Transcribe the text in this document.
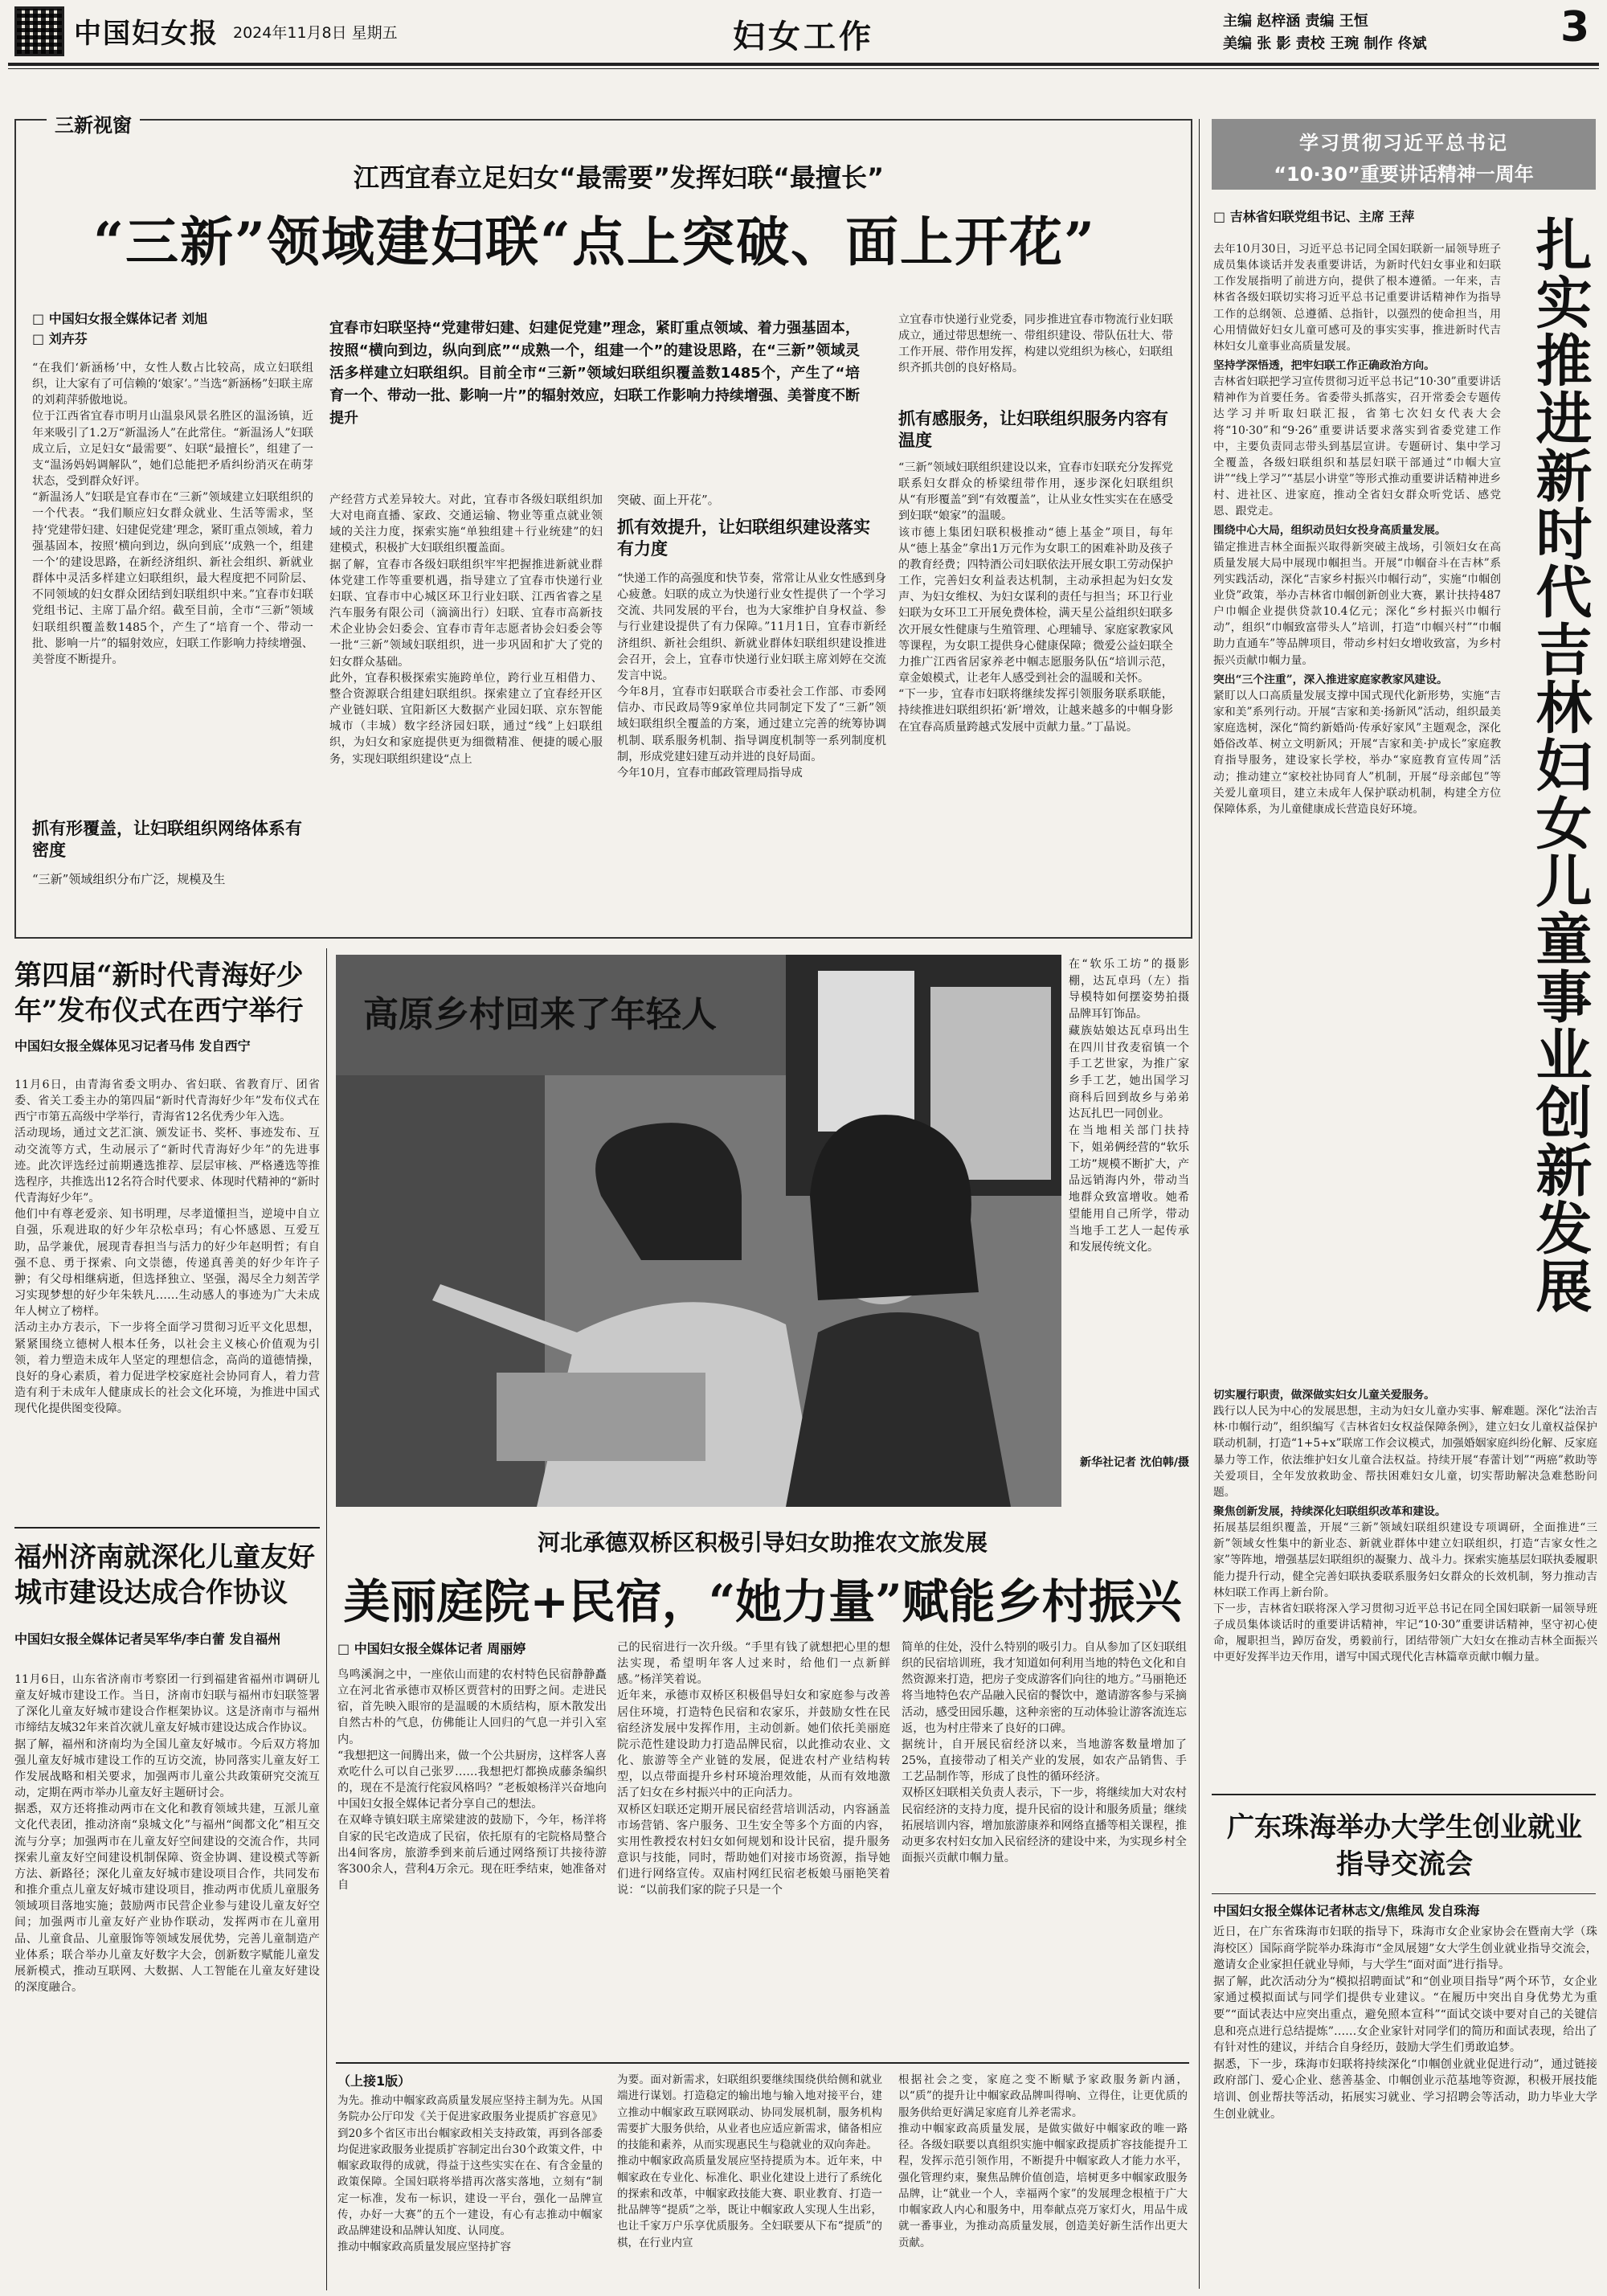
中国妇女报 2024年11月8日 星期五	妇女工作	主编 赵梓涵 责编 王恒
美编 张 影 责校 王琬 制作 佟斌	3
三新视窗
江西宜春立足妇女“最需要”发挥妇联“最擅长”
“三新”领域建妇联“点上突破、面上开花”
□ 中国妇女报全媒体记者 刘旭
□ 刘卉芬
宜春市妇联坚持“党建带妇建、妇建促党建”理念，紧盯重点领域、着力强基固本，按照“横向到边，纵向到底”“成熟一个，组建一个”的建设思路，在“三新”领域灵活多样建立妇联组织。目前全市“三新”领域妇联组织覆盖数1485个，产生了“培育一个、带动一批、影响一片”的辐射效应，妇联工作影响力持续增强、美誉度不断提升
“在我们‘新涵杨’中，女性人数占比较高，成立妇联组织，让大家有了可信赖的‘娘家’。”当选“新涵杨”妇联主席的刘莉萍骄傲地说。
位于江西省宜春市明月山温泉风景名胜区的温汤镇，近年来吸引了1.2万“新温汤人”在此常住。“新温汤人”妇联成立后，立足妇女“最需要”、妇联“最擅长”，组建了一支“温汤妈妈调解队”，她们总能把矛盾纠纷消灭在萌芽状态，受到群众好评。
“新温汤人”妇联是宜春市在“三新”领域建立妇联组织的一个代表。“我们顺应妇女群众就业、生活等需求，坚持‘党建带妇建、妇建促党建’理念，紧盯重点领域，着力强基固本，按照‘横向到边，纵向到底’‘成熟一个，组建一个’的建设思路，在新经济组织、新社会组织、新就业群体中灵活多样建立妇联组织，最大程度把不同阶层、不同领域的妇女群众团结到妇联组织中来。”宜春市妇联党组书记、主席丁晶介绍。截至目前，全市“三新”领域妇联组织覆盖数1485个，产生了“培育一个、带动一批、影响一片”的辐射效应，妇联工作影响力持续增强、美誉度不断提升。
抓有形覆盖，让妇联组织网络体系有密度
“三新”领域组织分布广泛，规模及生
产经营方式差异较大。对此，宜春市各级妇联组织加大对电商直播、家政、交通运输、物业等重点就业领域的关注力度，探索实施“单独组建＋行业统建”的妇建模式，积极扩大妇联组织覆盖面。
据了解，宜春市各级妇联组织牢牢把握推进新就业群体党建工作等重要机遇，指导建立了宜春市快递行业妇联、宜春市中心城区环卫行业妇联、江西省睿之星汽车服务有限公司（滴滴出行）妇联、宜春市高新技术企业协会妇委会、宜春市青年志愿者协会妇委会等一批“三新”领域妇联组织，进一步巩固和扩大了党的妇女群众基础。
此外，宜春积极探索实施跨单位，跨行业互相借力、整合资源联合组建妇联组织。探索建立了宜春经开区产业链妇联、宜阳新区大数据产业园妇联、京东智能城市（丰城）数字经济园妇联，通过“线”上妇联组织，为妇女和家庭提供更为细微精准、便捷的暖心服务，实现妇联组织建设“点上
突破、面上开花”。
抓有效提升，让妇联组织建设落实有力度
“快递工作的高强度和快节奏，常常让从业女性感到身心疲惫。妇联的成立为快递行业女性提供了一个学习交流、共同发展的平台，也为大家维护自身权益、参与行业建设提供了有力保障。”11月1日，宜春市新经济组织、新社会组织、新就业群体妇联组织建设推进会召开，会上，宜春市快递行业妇联主席刘婷在交流发言中说。
今年8月，宜春市妇联联合市委社会工作部、市委网信办、市民政局等9家单位共同制定下发了“三新”领域妇联组织全覆盖的方案，通过建立完善的统筹协调机制、联系服务机制、指导调度机制等一系列制度机制，形成党建妇建互动并进的良好局面。
今年10月，宜春市邮政管理局指导成
立宜春市快递行业党委，同步推进宜春市物流行业妇联成立，通过带思想统一、带组织建设、带队伍壮大、带工作开展、带作用发挥，构建以党组织为核心，妇联组织齐抓共创的良好格局。
抓有感服务，让妇联组织服务内容有温度
“三新”领域妇联组织建设以来，宜春市妇联充分发挥党联系妇女群众的桥梁纽带作用，逐步深化妇联组织从“有形覆盖”到“有效覆盖”，让从业女性实实在在感受到妇联“娘家”的温暖。
该市德上集团妇联积极推动“德上基金”项目，每年从“德上基金”拿出1万元作为女职工的困难补助及孩子的教育经费；四特酒公司妇联依法开展女职工劳动保护工作，完善妇女利益表达机制，主动承担起为妇女发声、为妇女维权、为妇女谋利的责任与担当；环卫行业妇联为女环卫工开展免费体检，满天星公益组织妇联多次开展女性健康与生殖管理、心理辅导、家庭家教家风等课程，为女职工提供身心健康保障；微爱公益妇联全力推广江西省居家养老中帼志愿服务队伍“培训示范，章金娘模式，让老年人感受到社会的温暖和关怀。
“下一步，宜春市妇联将继续发挥引领服务联系联能，持续推进妇联组织拓‘新’增效，让越来越多的中帼身影在宜春高质量跨越式发展中贡献力量。”丁晶说。
第四届“新时代青海好少年”发布仪式在西宁举行
中国妇女报全媒体见习记者马伟 发自西宁
11月6日，由青海省委文明办、省妇联、省教育厅、团省委、省关工委主办的第四届“新时代青海好少年”发布仪式在西宁市第五高级中学举行，青海省12名优秀少年入选。
活动现场，通过文艺汇演、颁发证书、奖杯、事迹发布、互动交流等方式，生动展示了“新时代青海好少年”的先进事迹。此次评选经过前期遴选推荐、层层审核、严格遴选等推选程序，共推选出12名符合时代要求、体现时代精神的“新时代青海好少年”。
他们中有尊老爱亲、知书明理，尽孝道懂担当，逆境中自立自强，乐观进取的好少年尕松卓玛；有心怀感恩、互爱互助，品学兼优，展现青春担当与活力的好少年赵明哲；有自强不息、勇于探索、向文崇德，传递真善美的好少年许子翀；有父母相继病逝，但选择独立、坚强，渴尽全力刻苦学习实现梦想的好少年朱轶凡……生动感人的事迹为广大未成年人树立了榜样。
活动主办方表示，下一步将全面学习贯彻习近平文化思想，紧紧围绕立德树人根本任务，以社会主义核心价值观为引领，着力塑造未成年人坚定的理想信念，高尚的道德情操，良好的身心素质，着力促进学校家庭社会协同育人，着力营造有利于未成年人健康成长的社会文化环境，为推进中国式现代化提供图变役障。
福州济南就深化儿童友好城市建设达成合作协议
中国妇女报全媒体记者吴军华/李白蕾 发自福州
11月6日，山东省济南市考察团一行到福建省福州市调研儿童友好城市建设工作。当日，济南市妇联与福州市妇联签署了深化儿童友好城市建设合作框架协议。这是济南市与福州市缔结友城32年来首次就儿童友好城市建设达成合作协议。
据了解，福州和济南均为全国儿童友好城市。今后双方将加强儿童友好城市建设工作的互访交流，协同落实儿童友好工作发展战略和相关要求，加强两市儿童公共政策研究交流互动，定期在两市举办儿童友好主题研讨会。
据悉，双方还将推动两市在文化和教育领域共建，互派儿童文化代表团，推动济南“泉城文化”与福州“闽都文化”相互交流与分享；加强两市在儿童友好空间建设的交流合作，共同探索儿童友好空间建设机制保障、资金协调、建设模式等新方法、新路径；深化儿童友好城市建设项目合作，共同发布和推介重点儿童友好城市建设项目，推动两市优质儿童服务领域项目落地实施；鼓励两市民营企业参与建设儿童友好空间；加强两市儿童友好产业协作联动，发挥两市在儿童用品、儿童食品、儿童服饰等领域发展优势，完善儿童制造产业体系；联合举办儿童友好数字大会，创新数字赋能儿童发展新模式，推动互联网、大数据、人工智能在儿童友好建设的深度融合。
高原乡村回来了年轻人
在“软乐工坊”的摄影棚，达瓦卓玛（左）指导模特如何摆姿势拍摄品牌耳钉饰品。
藏族姑娘达瓦卓玛出生在四川甘孜麦宿镇一个手工艺世家，为推广家乡手工艺，她出国学习商科后回到故乡与弟弟达瓦扎巴一同创业。
在当地相关部门扶持下，姐弟俩经营的“软乐工坊”规模不断扩大，产品远销海内外，带动当地群众致富增收。她希望能用自己所学，带动当地手工艺人一起传承和发展传统文化。
新华社记者 沈伯韩/摄
河北承德双桥区积极引导妇女助推农文旅发展
美丽庭院+民宿，“她力量”赋能乡村振兴
□ 中国妇女报全媒体记者 周丽婷
鸟鸣溪涧之中，一座依山而建的农村特色民宿静静矗立在河北省承德市双桥区贾营村的田野之间。走进民宿，首先映入眼帘的是温暖的木质结构，原木散发出自然古朴的气息，仿佛能让人回归的气息一并引入室内。
“我想把这一间腾出来，做一个公共厨房，这样客人喜欢吃什么可以自己张罗……我想把灯都换成藤条编织的，现在不是流行侘寂风格吗？”老板娘杨洋兴奋地向中国妇女报全媒体记者分享自己的想法。
在双峰寺镇妇联主席梁建波的鼓励下，今年，杨洋将自家的民宅改造成了民宿，依托原有的宅院格局整合出4间客房，旅游季到来前后通过网络预订共接待游客300余人，营利4万余元。现在旺季结束，她准备对自
己的民宿进行一次升级。“手里有钱了就想把心里的想法实现，希望明年客人过来时，给他们一点新鲜感。”杨洋笑着说。
近年来，承德市双桥区积极倡导妇女和家庭参与改善居住环境，打造特色民宿和农家乐，并鼓励女性在民宿经济发展中发挥作用，主动创新。她们依托美丽庭院示范性建设助力打造品牌民宿，以此推动农业、文化、旅游等全产业链的发展，促进农村产业结构转型，以点带面提升乡村环境治理效能，从而有效地激活了妇女在乡村振兴中的正向活力。
双桥区妇联还定期开展民宿经营培训活动，内容涵盖市场营销、客户服务、卫生安全等多个方面的内容，实用性教授农村妇女如何规划和设计民宿，提升服务意识与技能，同时，帮助她们对接市场资源，指导她们进行网络宣传。双庙村网红民宿老板娘马丽艳笑着说：“以前我们家的院子只是一个
简单的住处，没什么特别的吸引力。自从参加了区妇联组织的民宿培训班，我才知道如何利用当地的特色文化和自然资源来打造，把房子变成游客们向往的地方。”马丽艳还将当地特色农产品融入民宿的餐饮中，邀请游客参与采摘活动，感受田园乐趣，这种亲密的互动体验让游客流连忘返，也为村庄带来了良好的口碑。
据统计，自开展民宿经济以来，当地游客数量增加了25%，直接带动了相关产业的发展，如农产品销售、手工艺品制作等，形成了良性的循环经济。
双桥区妇联相关负责人表示，下一步，将继续加大对农村民宿经济的支持力度，提升民宿的设计和服务质量；继续拓展培训内容，增加旅游康养和网络直播等相关课程，推动更多农村妇女加入民宿经济的建设中来，为实现乡村全面振兴贡献巾帼力量。
（上接1版）
为先。推动中帼家政高质量发展应坚持主制为先。从国务院办公厅印发《关于促进家政服务业提质扩容意见》到20多个省区市出台帼家政相关支持政策，再到各部委均促进家政服务业提质扩容制定出台30个政策文件，中帼家政取得的成就，得益于这些实实在在、有含金量的政策保障。全国妇联将举措再次落实落地，立刻有“制定一标准，发布一标识，建设一平台，强化一品牌宣传，办好一大赛”的五个一建设，有心有志推动中帼家政品牌建设和品牌认知度、认同度。
推动中帼家政高质量发展应坚持扩容
为要。面对新需求，妇联组织要继续围绕供给侧和就业端进行谋划。打造稳定的输出地与输入地对接平台，建立推动中帼家政互联网联动、协同发展机制，服务机构需要扩大服务供给，从业者也应适应新需求，储备相应的技能和素养，从而实现惠民生与稳就业的双向奔赴。
推动中帼家政高质量发展应坚持提质为本。近年来，中帼家政在专业化、标准化、职业化建设上进行了系统化的探索和改革，中帼家政技能大赛、职业教育、打造一批品牌等“提质”之举，既让中帼家政人实现人生出彩，也让千家万户乐享优质服务。全妇联要从下布“提质”的棋，在行业内宣
根据社会之变，家庭之变不断赋予家政服务新内涵，以“质”的提升让中帼家政品牌叫得响、立得住，让更优质的服务供给更好满足家庭育儿养老需求。
推动中帼家政高质量发展，是做实做好中帼家政的唯一路径。各级妇联要以真组织实施中帼家政提质扩容技能提升工程，发挥示范引领作用，不断提升中帼家政人才能力水平，强化管理约束，聚焦品牌价值创造，培树更多中帼家政服务品牌，让“就业一个人，幸福两个家”的发展理念根植于广大巾帼家政人内心和服务中，用奉献点亮万家灯火，用品牛成就一番事业，为推动高质量发展，创造美好新生活作出更大贡献。
学习贯彻习近平总书记
“10·30”重要讲话精神一周年
□ 吉林省妇联党组书记、主席 王萍 扎实推进新时代吉林妇女儿童事业创新发展
去年10月30日，习近平总书记同全国妇联新一届领导班子成员集体谈话并发表重要讲话，为新时代妇女事业和妇联工作发展指明了前进方向，提供了根本遵循。一年来，吉林省各级妇联切实将习近平总书记重要讲话精神作为指导工作的总纲领、总遵循、总指针，以强烈的使命担当，用心用情做好妇女儿童可感可及的事实实事，推进新时代吉林妇女儿童事业高质量发展。
坚持学深悟透，把牢妇联工作正确政治方向。
吉林省妇联把学习宣传贯彻习近平总书记“10·30”重要讲话精神作为首要任务。省委带头抓落实，召开常委会专题传达学习并听取妇联汇报，省第七次妇女代表大会将“10·30”和“9·26”重要讲话要求落实到省委党建工作中，主要负责同志带头到基层宣讲。专题研讨、集中学习全覆盖，各级妇联组织和基层妇联干部通过“巾帼大宣讲”“线上学习”“基层小讲堂”等形式推动重要讲话精神进乡村、进社区、进家庭，推动全省妇女群众听党话、感党恩、跟党走。
围绕中心大局，组织动员妇女投身高质量发展。
锚定推进吉林全面振兴取得新突破主战场，引领妇女在高质量发展大局中展现巾帼担当。开展“巾帼奋斗在吉林”系列实践活动，深化“吉家乡村振兴巾帼行动”，实施“巾帼创业贷”政策，举办吉林省巾帼创新创业大赛，累计扶持487户巾帼企业提供贷款10.4亿元；深化“乡村振兴巾帼行动”，组织“巾帼致富带头人”培训，打造“巾帼兴村”“巾帼助力直通车”等品牌项目，带动乡村妇女增收致富，为乡村振兴贡献巾帼力量。
突出“三个注重”，深入推进家庭家教家风建设。
紧盯以人口高质量发展支撑中国式现代化新形势，实施“吉家和美”系列行动。开展“吉家和美·扬新风”活动，组织最美家庭选树，深化“简约新婚尚·传承好家风”主题观念，深化婚俗改革、树立文明新风；开展“吉家和美·护成长”家庭教育指导服务，建设家长学校，举办“家庭教育宣传周”活动；推动建立“家校社协同育人”机制，开展“母亲邮包”等关爱儿童项目，建立未成年人保护联动机制，构建全方位保障体系，为儿童健康成长营造良好环境。
切实履行职责，做深做实妇女儿童关爱服务。
践行以人民为中心的发展思想，主动为妇女儿童办实事、解难题。深化“法治吉林·巾帼行动”，组织编写《吉林省妇女权益保障条例》，建立妇女儿童权益保护联动机制，打造“1+5+x”联席工作会议模式，加强婚姻家庭纠纷化解、反家庭暴力等工作，依法维护妇女儿童合法权益。持续开展“春蕾计划”“两癌”救助等关爱项目，全年发放救助金、帮扶困难妇女儿童，切实帮助解决急难愁盼问题。
聚焦创新发展，持续深化妇联组织改革和建设。
拓展基层组织覆盖，开展“三新”领域妇联组织建设专项调研，全面推进“三新”领域女性集中的新业态、新就业群体中建立妇联组织，打造“吉家女性之家”等阵地，增强基层妇联组织的凝聚力、战斗力。探索实施基层妇联执委履职能力提升行动，健全完善妇联执委联系服务妇女群众的长效机制，努力推动吉林妇联工作再上新台阶。
下一步，吉林省妇联将深入学习贯彻习近平总书记在同全国妇联新一届领导班子成员集体谈话时的重要讲话精神，牢记“10·30”重要讲话精神，坚守初心使命，履职担当，踔厉奋发，勇毅前行，团结带领广大妇女在推动吉林全面振兴中更好发挥半边天作用，谱写中国式现代化吉林篇章贡献巾帼力量。
广东珠海举办大学生创业就业指导交流会
中国妇女报全媒体记者林志文/焦维凤 发自珠海
近日，在广东省珠海市妇联的指导下，珠海市女企业家协会在暨南大学（珠海校区）国际商学院举办珠海市“金凤展翅”女大学生创业就业指导交流会，邀请女企业家担任就业导师，与大学生“面对面”进行指导。
据了解，此次活动分为“模拟招聘面试”和“创业项目指导”两个环节，女企业家通过模拟面试与同学们提供专业建议。“在履历中突出自身优势尤为重要”“面试表达中应突出重点，避免照本宣科”“面试交谈中要对自己的关键信息和亮点进行总结提炼”……女企业家针对同学们的简历和面试表现，给出了有针对性的建议，并结合自身经历，鼓励大学生们勇敢追梦。
据悉，下一步，珠海市妇联将持续深化“巾帼创业就业促进行动”，通过链接政府部门、爱心企业、慈善基金、巾帼创业示范基地等资源，积极开展技能培训、创业帮扶等活动，拓展实习就业、学习招聘会等活动，助力毕业大学生创业就业。
